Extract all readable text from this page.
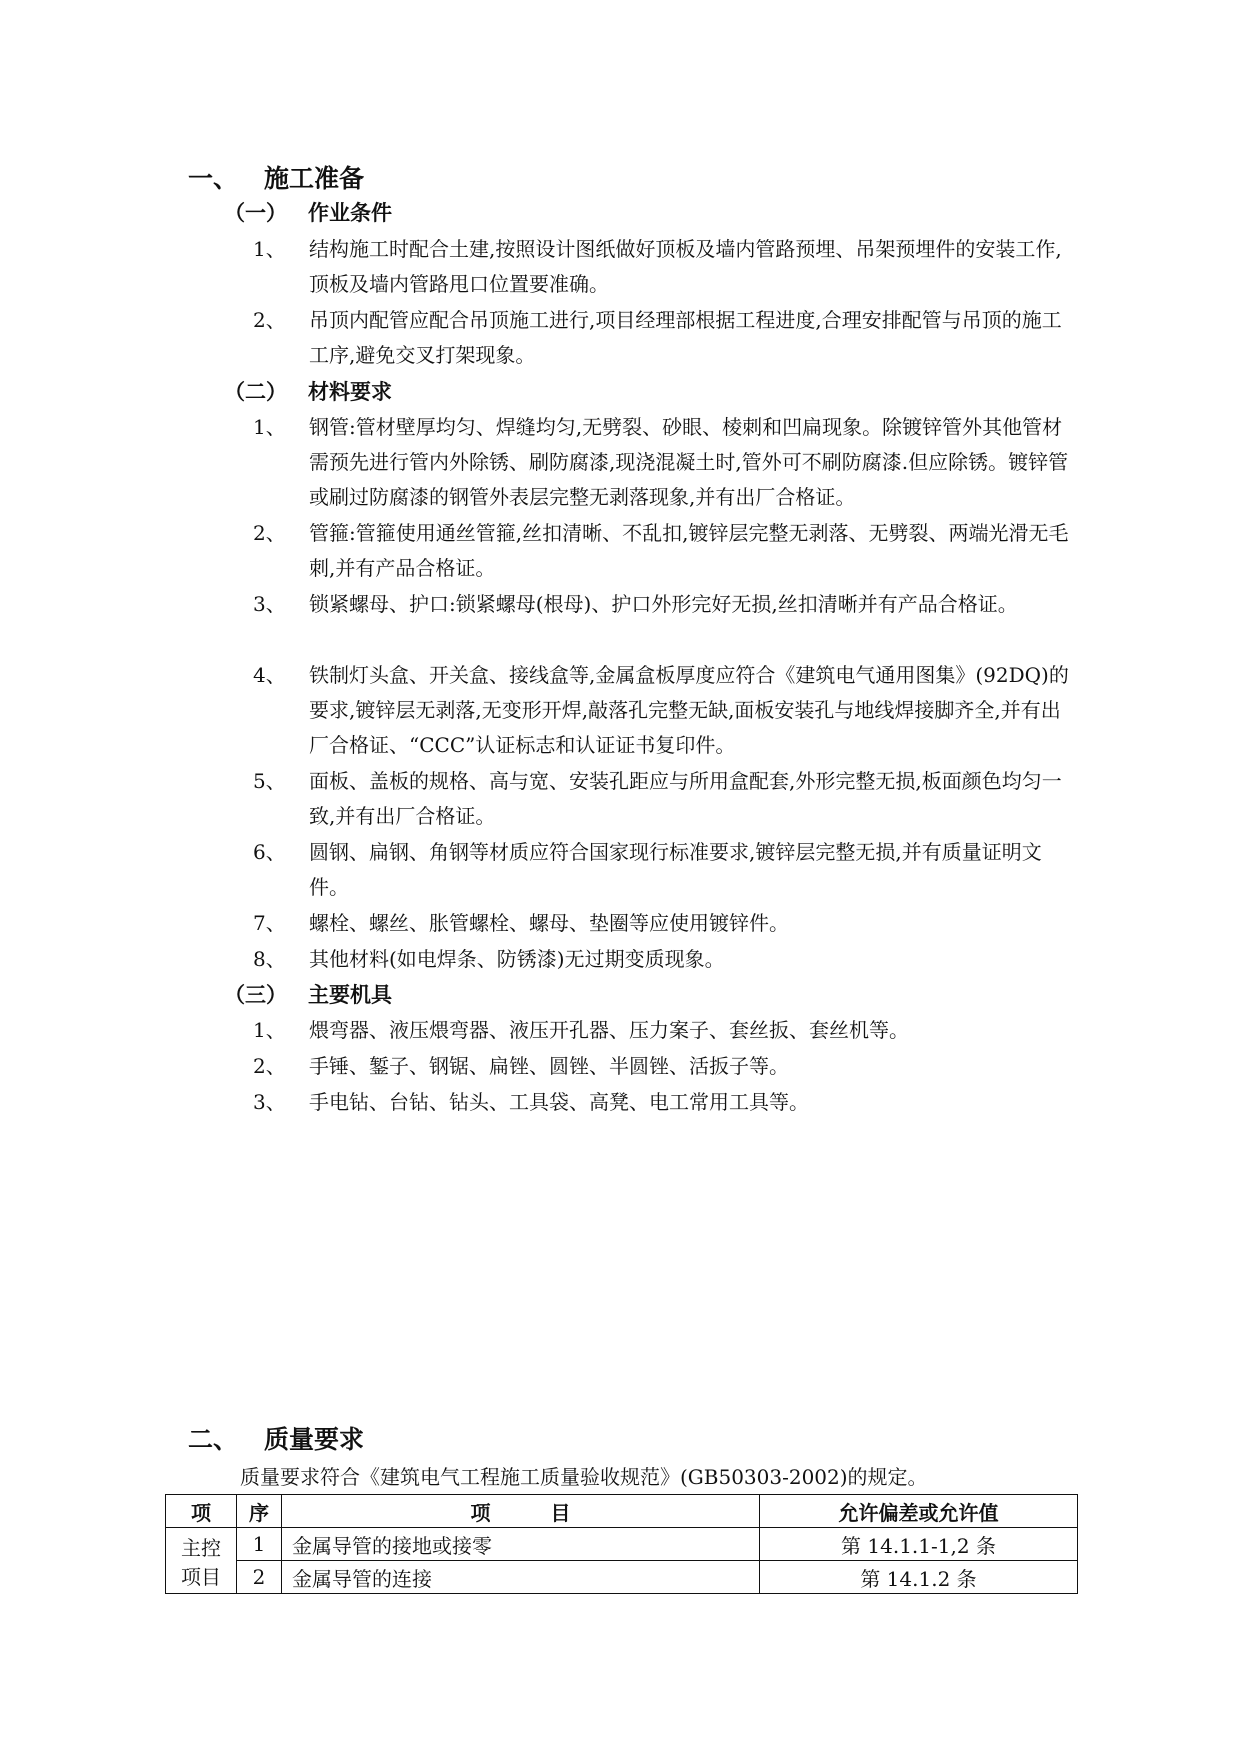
一、 施工准备
（一） 作业条件
1、 结构施工时配合土建,按照设计图纸做好顶板及墙内管路预埋、吊架预埋件的安装工作,顶板及墙内管路甩口位置要准确。
2、 吊顶内配管应配合吊顶施工进行,项目经理部根据工程进度,合理安排配管与吊顶的施工工序,避免交叉打架现象。
（二） 材料要求
1、 钢管:管材壁厚均匀、焊缝均匀,无劈裂、砂眼、棱刺和凹扁现象。除镀锌管外其他管材需预先进行管内外除锈、刷防腐漆,现浇混凝土时,管外可不刷防腐漆.但应除锈。镀锌管或刷过防腐漆的钢管外表层完整无剥落现象,并有出厂合格证。
2、 管箍:管箍使用通丝管箍,丝扣清晰、不乱扣,镀锌层完整无剥落、无劈裂、两端光滑无毛刺,并有产品合格证。
3、 锁紧螺母、护口:锁紧螺母(根母)、护口外形完好无损,丝扣清晰并有产品合格证。
4、 铁制灯头盒、开关盒、接线盒等,金属盒板厚度应符合《建筑电气通用图集》(92DQ)的要求,镀锌层无剥落,无变形开焊,敲落孔完整无缺,面板安装孔与地线焊接脚齐全,并有出厂合格证、“CCC”认证标志和认证证书复印件。
5、 面板、盖板的规格、高与宽、安装孔距应与所用盒配套,外形完整无损,板面颜色均匀一致,并有出厂合格证。
6、 圆钢、扁钢、角钢等材质应符合国家现行标准要求,镀锌层完整无损,并有质量证明文件。
7、 螺栓、螺丝、胀管螺栓、螺母、垫圈等应使用镀锌件。
8、 其他材料(如电焊条、防锈漆)无过期变质现象。
（三） 主要机具
1、 煨弯器、液压煨弯器、液压开孔器、压力案子、套丝扳、套丝机等。
2、 手锤、錾子、钢锯、扁锉、圆锉、半圆锉、活扳子等。
3、 手电钻、台钻、钻头、工具袋、高凳、电工常用工具等。
二、 质量要求
质量要求符合《建筑电气工程施工质量验收规范》(GB50303-2002)的规定。
项	序	项　　　目	允许偏差或允许值
主控
项目	1	金属导管的接地或接零	第 14.1.1-1,2 条
	2	金属导管的连接	第 14.1.2 条
